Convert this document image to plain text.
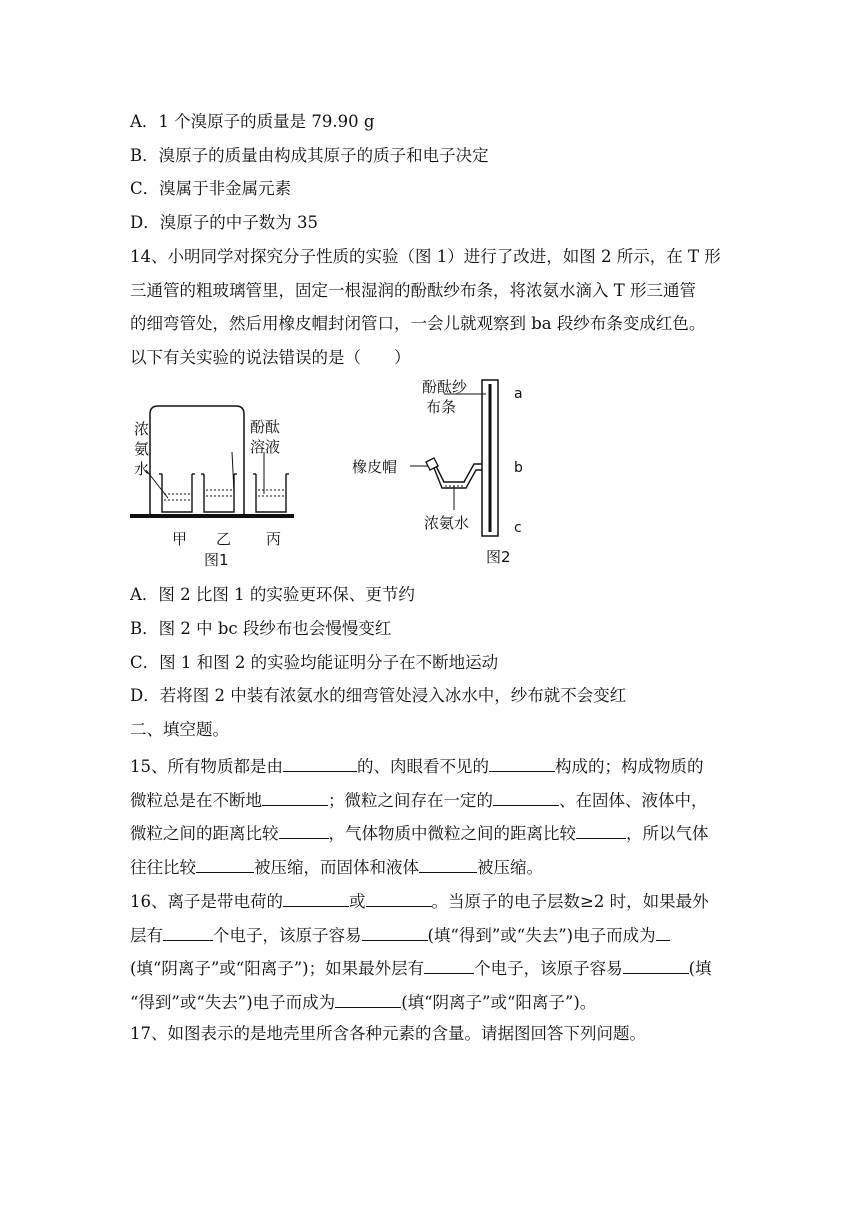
A．1 个溴原子的质量是 79.90 g
B．溴原子的质量由构成其原子的质子和电子决定
C．溴属于非金属元素
D．溴原子的中子数为 35
14、小明同学对探究分子性质的实验（图 1）进行了改进，如图 2 所示，在 T 形
三通管的粗玻璃管里，固定一根湿润的酚酞纱布条，将浓氨水滴入 T 形三通管
的细弯管处，然后用橡皮帽封闭管口，一会儿就观察到 ba 段纱布条变成红色。
以下有关实验的说法错误的是（　　）
浓
氨
水
酚酞
溶液
甲 乙 丙
图1
酚酞纱
布条
橡皮帽
浓氨水
a
b
c
图2
A．图 2 比图 1 的实验更环保、更节约
B．图 2 中 bc 段纱布也会慢慢变红
C．图 1 和图 2 的实验均能证明分子在不断地运动
D．若将图 2 中装有浓氨水的细弯管处浸入冰水中，纱布就不会变红
二、填空题。
15、所有物质都是由	的、肉眼看不见的	构成的；构成物质的
微粒总是在不断地	；微粒之间存在一定的	、在固体、液体中，
微粒之间的距离比较	，气体物质中微粒之间的距离比较	，所以气体
往往比较	被压缩，而固体和液体	被压缩。
16、离子是带电荷的	或	。当原子的电子层数≥2 时，如果最外
层有	个电子，该原子容易	(填“得到”或“失去”)电子而成为
(填“阴离子”或“阳离子”)；如果最外层有	个电子，该原子容易	(填
“得到”或“失去”)电子而成为	(填“阴离子”或“阳离子”)。
17、如图表示的是地壳里所含各种元素的含量。请据图回答下列问题。
